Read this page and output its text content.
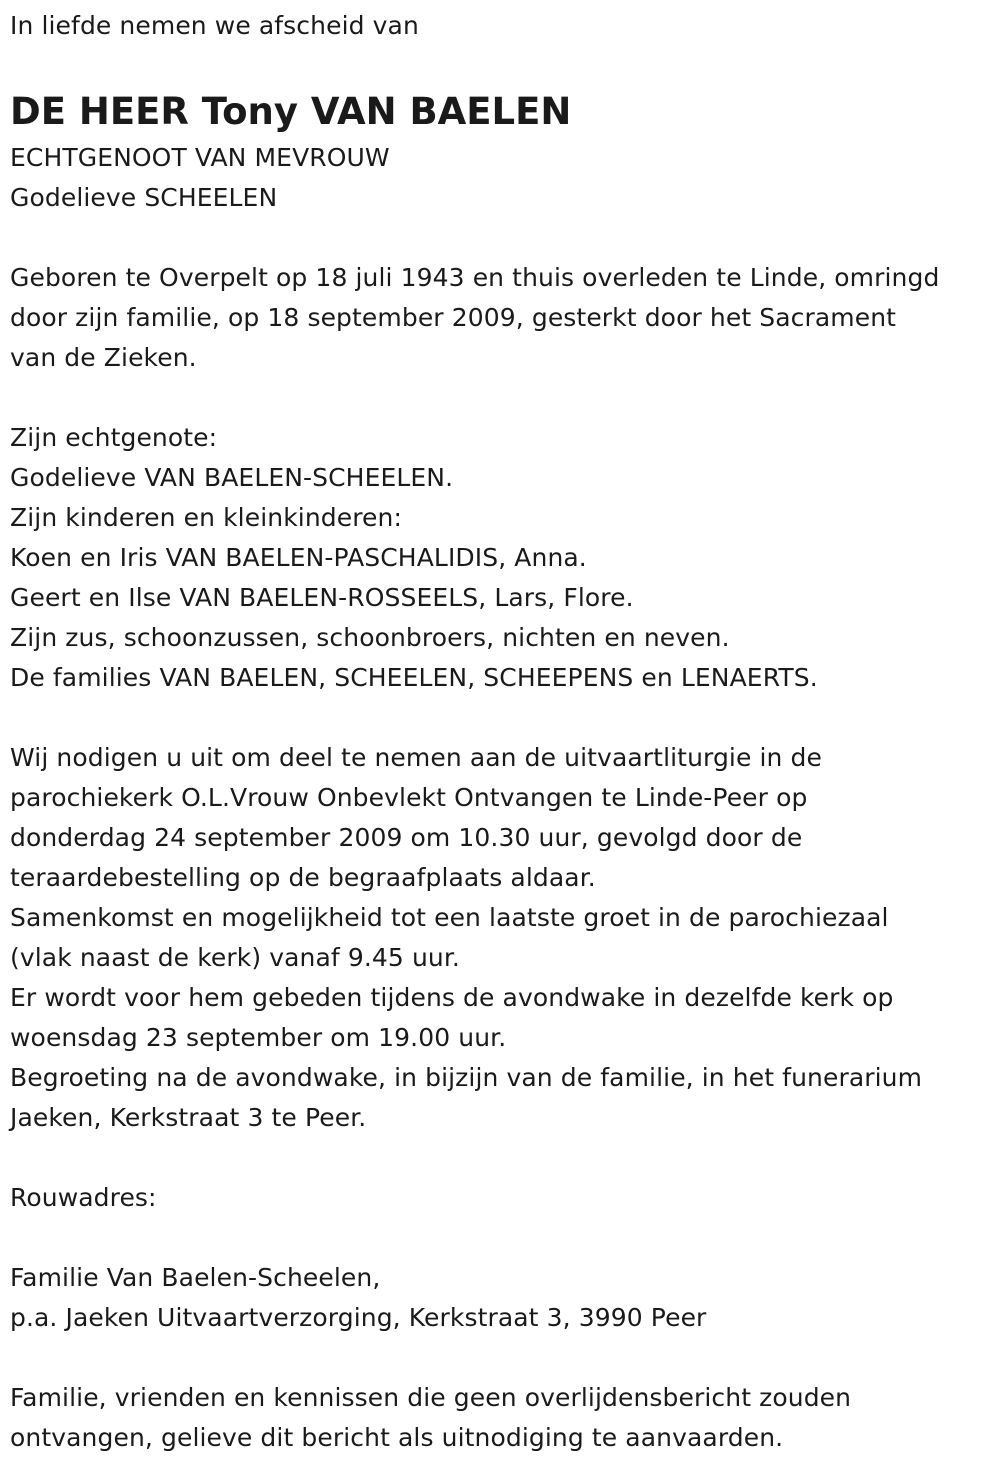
In liefde nemen we afscheid van
DE HEER Tony VAN BAELEN
ECHTGENOOT VAN MEVROUW
Godelieve SCHEELEN
Geboren te Overpelt op 18 juli 1943 en thuis overleden te Linde, omringd
door zijn familie, op 18 september 2009, gesterkt door het Sacrament
van de Zieken.
Zijn echtgenote:
Godelieve VAN BAELEN-SCHEELEN.
Zijn kinderen en kleinkinderen:
Koen en Iris VAN BAELEN-PASCHALIDIS, Anna.
Geert en Ilse VAN BAELEN-ROSSEELS, Lars, Flore.
Zijn zus, schoonzussen, schoonbroers, nichten en neven.
De families VAN BAELEN, SCHEELEN, SCHEEPENS en LENAERTS.
Wij nodigen u uit om deel te nemen aan de uitvaartliturgie in de
parochiekerk O.L.Vrouw Onbevlekt Ontvangen te Linde-Peer op
donderdag 24 september 2009 om 10.30 uur, gevolgd door de
teraardebestelling op de begraafplaats aldaar.
Samenkomst en mogelijkheid tot een laatste groet in de parochiezaal
(vlak naast de kerk) vanaf 9.45 uur.
Er wordt voor hem gebeden tijdens de avondwake in dezelfde kerk op
woensdag 23 september om 19.00 uur.
Begroeting na de avondwake, in bijzijn van de familie, in het funerarium
Jaeken, Kerkstraat 3 te Peer.
Rouwadres:
Familie Van Baelen-Scheelen,
p.a. Jaeken Uitvaartverzorging, Kerkstraat 3, 3990 Peer
Familie, vrienden en kennissen die geen overlijdensbericht zouden
ontvangen, gelieve dit bericht als uitnodiging te aanvaarden.
